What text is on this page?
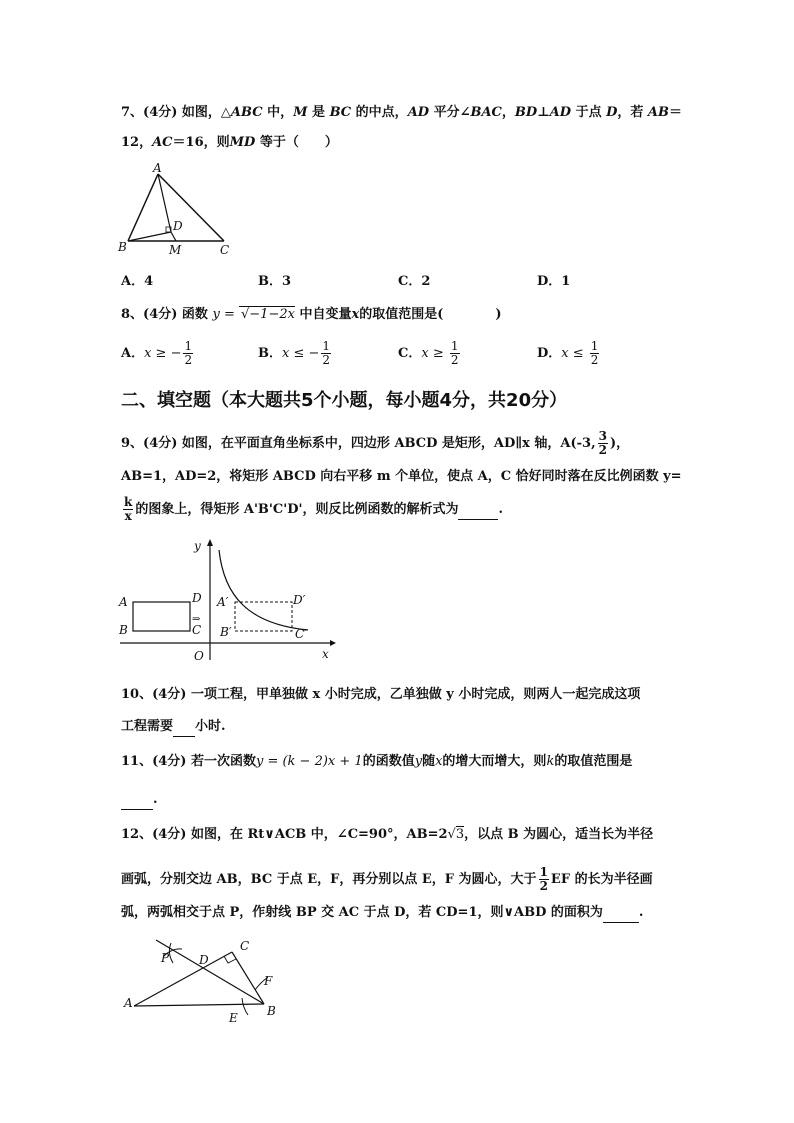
7、(4分) 如图，△ABC 中，M 是 BC 的中点，AD 平分∠BAC，BD⊥AD 于点 D，若 AB＝
12，AC＝16，则MD 等于（　　）
A
B	C
D
M
A．4	B．3	C．2	D．1
8、(4分) 函数 y = √−1−2x 中自变量x的取值范围是(　　　　)
A．x ≥ − $\frac{1}{2}$	B．x ≤ − $\frac{1}{2}$	C．$x \ge \frac{1}{2}$	D．$x \le \frac{1}{2}$
二、填空题（本大题共5个小题，每小题4分，共20分）
9、(4分) 如图，在平面直角坐标系中，四边形 ABCD 是矩形，AD∥x 轴，A(-3, $\frac{3}{2}$ )，
AB=1，AD=2，将矩形 ABCD 向右平移 m 个单位，使点 A，C 恰好同时落在反比例函数 y=
$\frac{k}{x}$ 的图象上，得矩形 A'B'C'D'，则反比例函数的解析式为	.
y
x
O
A
B
D
C
⇒
A′
B′
D′
C′
10、(4分) 一项工程，甲单独做 x 小时完成，乙单独做 y 小时完成，则两人一起完成这项
工程需要 小时.
11、(4分) 若一次函数y = (k − 2)x + 1的函数值y随x的增大而增大，则k的取值范围是
.
12、(4分) 如图，在 Rt∨ACB 中，∠C=90°，AB=2√3，以点 B 为圆心，适当长为半径
画弧，分别交边 AB，BC 于点 E，F，再分别以点 E，F 为圆心，大于 $\frac{1}{2}$ EF 的长为半径画
弧，两弧相交于点 P，作射线 BP 交 AC 于点 D，若 CD=1，则∨ABD 的面积为	.
P D
C
F
A
E B
